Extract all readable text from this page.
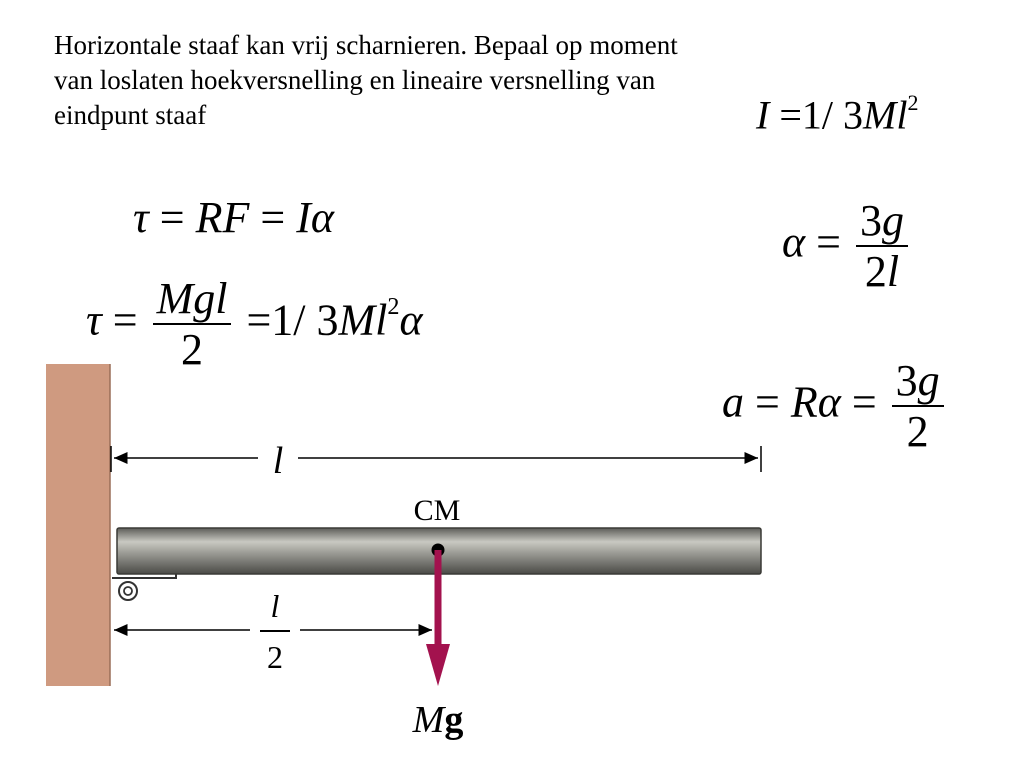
Horizontale staaf kan vrij scharnieren. Bepaal op moment van loslaten hoekversnelling en lineaire versnelling van eindpunt staaf	I =1/ 3Ml$^2$
τ = RF = Iα
$\tau = \frac{\text{Mgl}}{2} =1/$ 3Ml$^2$α
$\alpha = \frac{3g}{2l}$
$a = R\alpha = \frac{3g}{2}$
l
l
2
CM
Mg
